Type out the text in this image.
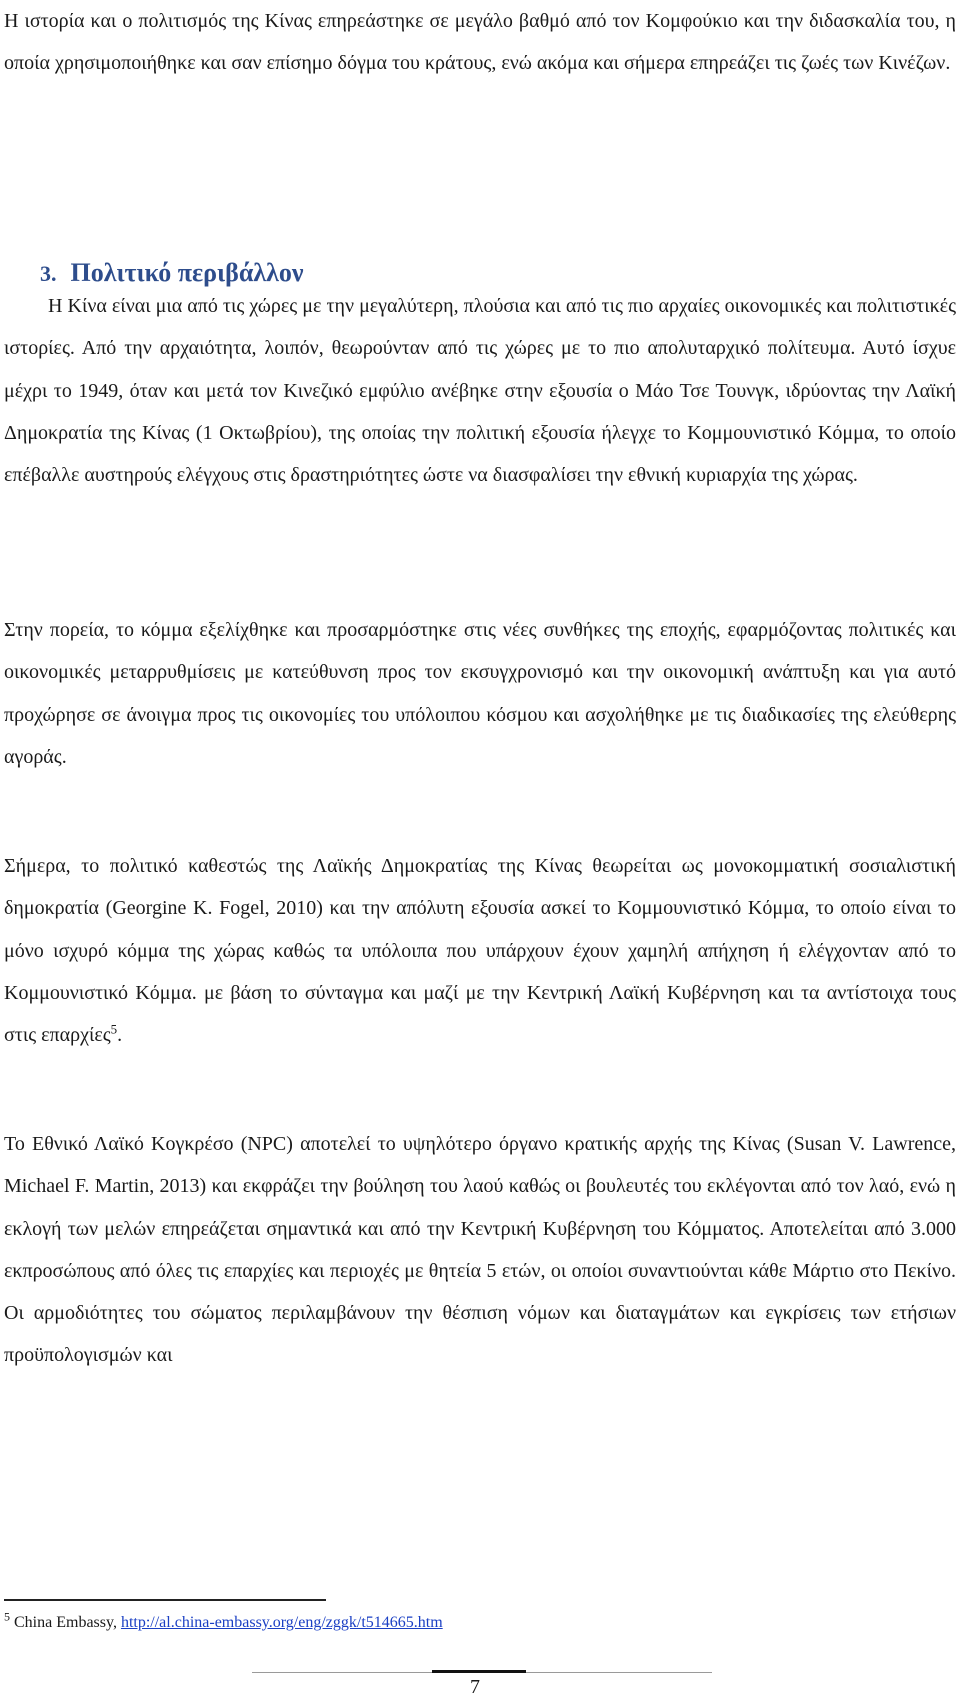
Η ιστορία και ο πολιτισμός της Κίνας επηρεάστηκε σε μεγάλο βαθμό από τον Κομφούκιο και την διδασκαλία του, η οποία χρησιμοποιήθηκε και σαν επίσημο δόγμα του κράτους, ενώ ακόμα και σήμερα επηρεάζει τις ζωές των Κινέζων.

3. Πολιτικό περιβάλλον

Η Κίνα είναι μια από τις χώρες με την μεγαλύτερη, πλούσια και από τις πιο αρχαίες οικονομικές και πολιτιστικές ιστορίες. Από την αρχαιότητα, λοιπόν, θεωρούνταν από τις χώρες με το πιο απολυταρχικό πολίτευμα. Αυτό ίσχυε μέχρι το 1949, όταν και μετά τον Κινεζικό εμφύλιο ανέβηκε στην εξουσία ο Μάο Τσε Τουνγκ, ιδρύοντας την Λαϊκή Δημοκρατία της Κίνας (1 Οκτωβρίου), της οποίας την πολιτική εξουσία ήλεγχε το Κομμουνιστικό Κόμμα, το οποίο επέβαλλε αυστηρούς ελέγχους στις δραστηριότητες ώστε να διασφαλίσει την εθνική κυριαρχία της χώρας.

Στην πορεία, το κόμμα εξελίχθηκε και προσαρμόστηκε στις νέες συνθήκες της εποχής, εφαρμόζοντας πολιτικές και οικονομικές μεταρρυθμίσεις με κατεύθυνση προς τον εκσυγχρονισμό και την οικονομική ανάπτυξη και για αυτό προχώρησε σε άνοιγμα προς τις οικονομίες του υπόλοιπου κόσμου και ασχολήθηκε με τις διαδικασίες της ελεύθερης αγοράς.

Σήμερα, το πολιτικό καθεστώς της Λαϊκής Δημοκρατίας της Κίνας θεωρείται ως μονοκομματική σοσιαλιστική δημοκρατία (Georgine K. Fogel, 2010) και την απόλυτη εξουσία ασκεί το Κομμουνιστικό Κόμμα, το οποίο είναι το μόνο ισχυρό κόμμα της χώρας καθώς τα υπόλοιπα που υπάρχουν έχουν χαμηλή απήχηση ή ελέγχονταν από το Κομμουνιστικό Κόμμα. με βάση το σύνταγμα και μαζί με την Κεντρική Λαϊκή Κυβέρνηση και τα αντίστοιχα τους στις επαρχίες$^5$.

Το Εθνικό Λαϊκό Κογκρέσο (NPC) αποτελεί το υψηλότερο όργανο κρατικής αρχής της Κίνας (Susan V. Lawrence, Michael F. Martin, 2013) και εκφράζει την βούληση του λαού καθώς οι βουλευτές του εκλέγονται από τον λαό, ενώ η εκλογή των μελών επηρεάζεται σημαντικά και από την Κεντρική Κυβέρνηση του Κόμματος. Αποτελείται από 3.000 εκπροσώπους από όλες τις επαρχίες και περιοχές με θητεία 5 ετών, οι οποίοι συναντιούνται κάθε Μάρτιο στο Πεκίνο. Οι αρμοδιότητες του σώματος περιλαμβάνουν την θέσπιση νόμων και διαταγμάτων και εγκρίσεις των ετήσιων προϋπολογισμών και

$^5$ China Embassy, http://al.china-embassy.org/eng/zggk/t514665.htm
7
